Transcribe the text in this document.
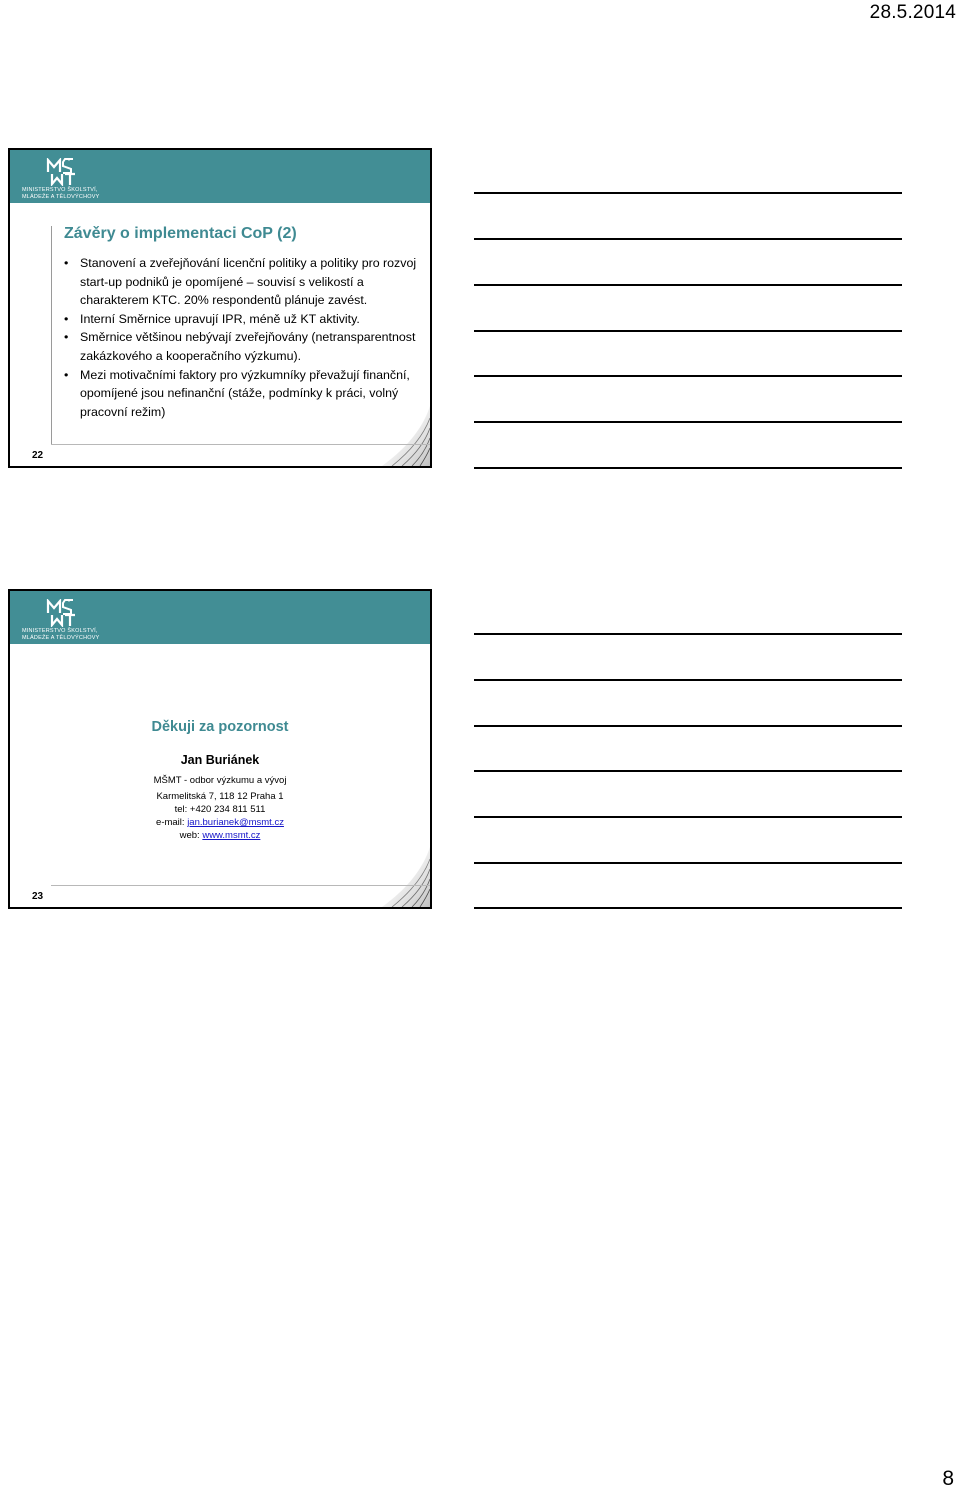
28.5.2014
MINISTERSTVO ŠKOLSTVÍ,
MLÁDEŽE A TĚLOVÝCHOVY
Závěry o implementaci CoP (2)
• Stanovení a zveřejňování licenční politiky a politiky pro rozvoj start-up podniků je opomíjené – souvisí s velikostí a charakterem KTC. 20% respondentů plánuje zavést.
• Interní Směrnice upravují IPR, méně už KT aktivity.
• Směrnice většinou nebývají zveřejňovány (netransparentnost zakázkového a kooperačního výzkumu).
• Mezi motivačními faktory pro výzkumníky převažují finanční, opomíjené jsou nefinanční (stáže, podmínky k práci, volný pracovní režim)
22
MINISTERSTVO ŠKOLSTVÍ,
MLÁDEŽE A TĚLOVÝCHOVY
Děkuji za pozornost
Jan Buriánek
MŠMT - odbor výzkumu a vývoj
Karmelitská 7, 118 12 Praha 1
tel: +420 234 811 511
e-mail: jan.burianek@msmt.cz
web: www.msmt.cz
23
8
